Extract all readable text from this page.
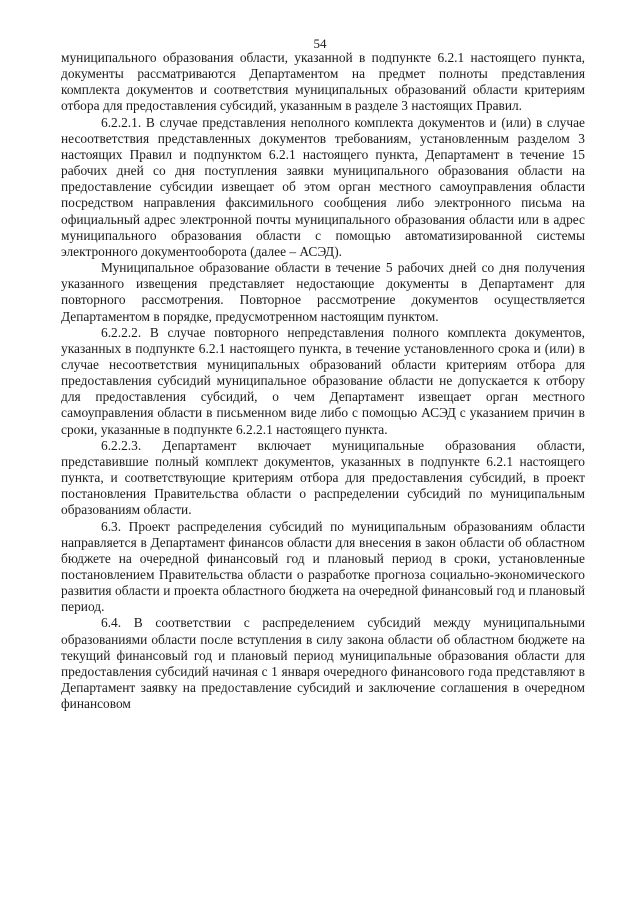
54

муниципального образования области, указанной в подпункте 6.2.1 настоящего пункта, документы рассматриваются Департаментом на предмет полноты представления комплекта документов и соответствия муниципальных образований области критериям отбора для предоставления субсидий, указанным в разделе 3 настоящих Правил.

6.2.2.1. В случае представления неполного комплекта документов и (или) в случае несоответствия представленных документов требованиям, установленным разделом 3 настоящих Правил и подпунктом 6.2.1 настоящего пункта, Департамент в течение 15 рабочих дней со дня поступления заявки муниципального образования области на предоставление субсидии извещает об этом орган местного самоуправления области посредством направления факсимильного сообщения либо электронного письма на официальный адрес электронной почты муниципального образования области или в адрес муниципального образования области с помощью автоматизированной системы электронного документооборота (далее – АСЭД).

Муниципальное образование области в течение 5 рабочих дней со дня получения указанного извещения представляет недостающие документы в Департамент для повторного рассмотрения. Повторное рассмотрение документов осуществляется Департаментом в порядке, предусмотренном настоящим пунктом.

6.2.2.2. В случае повторного непредставления полного комплекта документов, указанных в подпункте 6.2.1 настоящего пункта, в течение установленного срока и (или) в случае несоответствия муниципальных образований области критериям отбора для предоставления субсидий муниципальное образование области не допускается к отбору для предоставления субсидий, о чем Департамент извещает орган местного самоуправления области в письменном виде либо с помощью АСЭД с указанием причин в сроки, указанные в подпункте 6.2.2.1 настоящего пункта.

6.2.2.3. Департамент включает муниципальные образования области, представившие полный комплект документов, указанных в подпункте 6.2.1 настоящего пункта, и соответствующие критериям отбора для предоставления субсидий, в проект постановления Правительства области о распределении субсидий по муниципальным образованиям области.

6.3. Проект распределения субсидий по муниципальным образованиям области направляется в Департамент финансов области для внесения в закон области об областном бюджете на очередной финансовый год и плановый период в сроки, установленные постановлением Правительства области о разработке прогноза социально-экономического развития области и проекта областного бюджета на очередной финансовый год и плановый период.

6.4. В соответствии с распределением субсидий между муниципальными образованиями области после вступления в силу закона области об областном бюджете на текущий финансовый год и плановый период муниципальные образования области для предоставления субсидий начиная с 1 января очередного финансового года представляют в Департамент заявку на предоставление субсидий и заключение соглашения в очередном финансовом
